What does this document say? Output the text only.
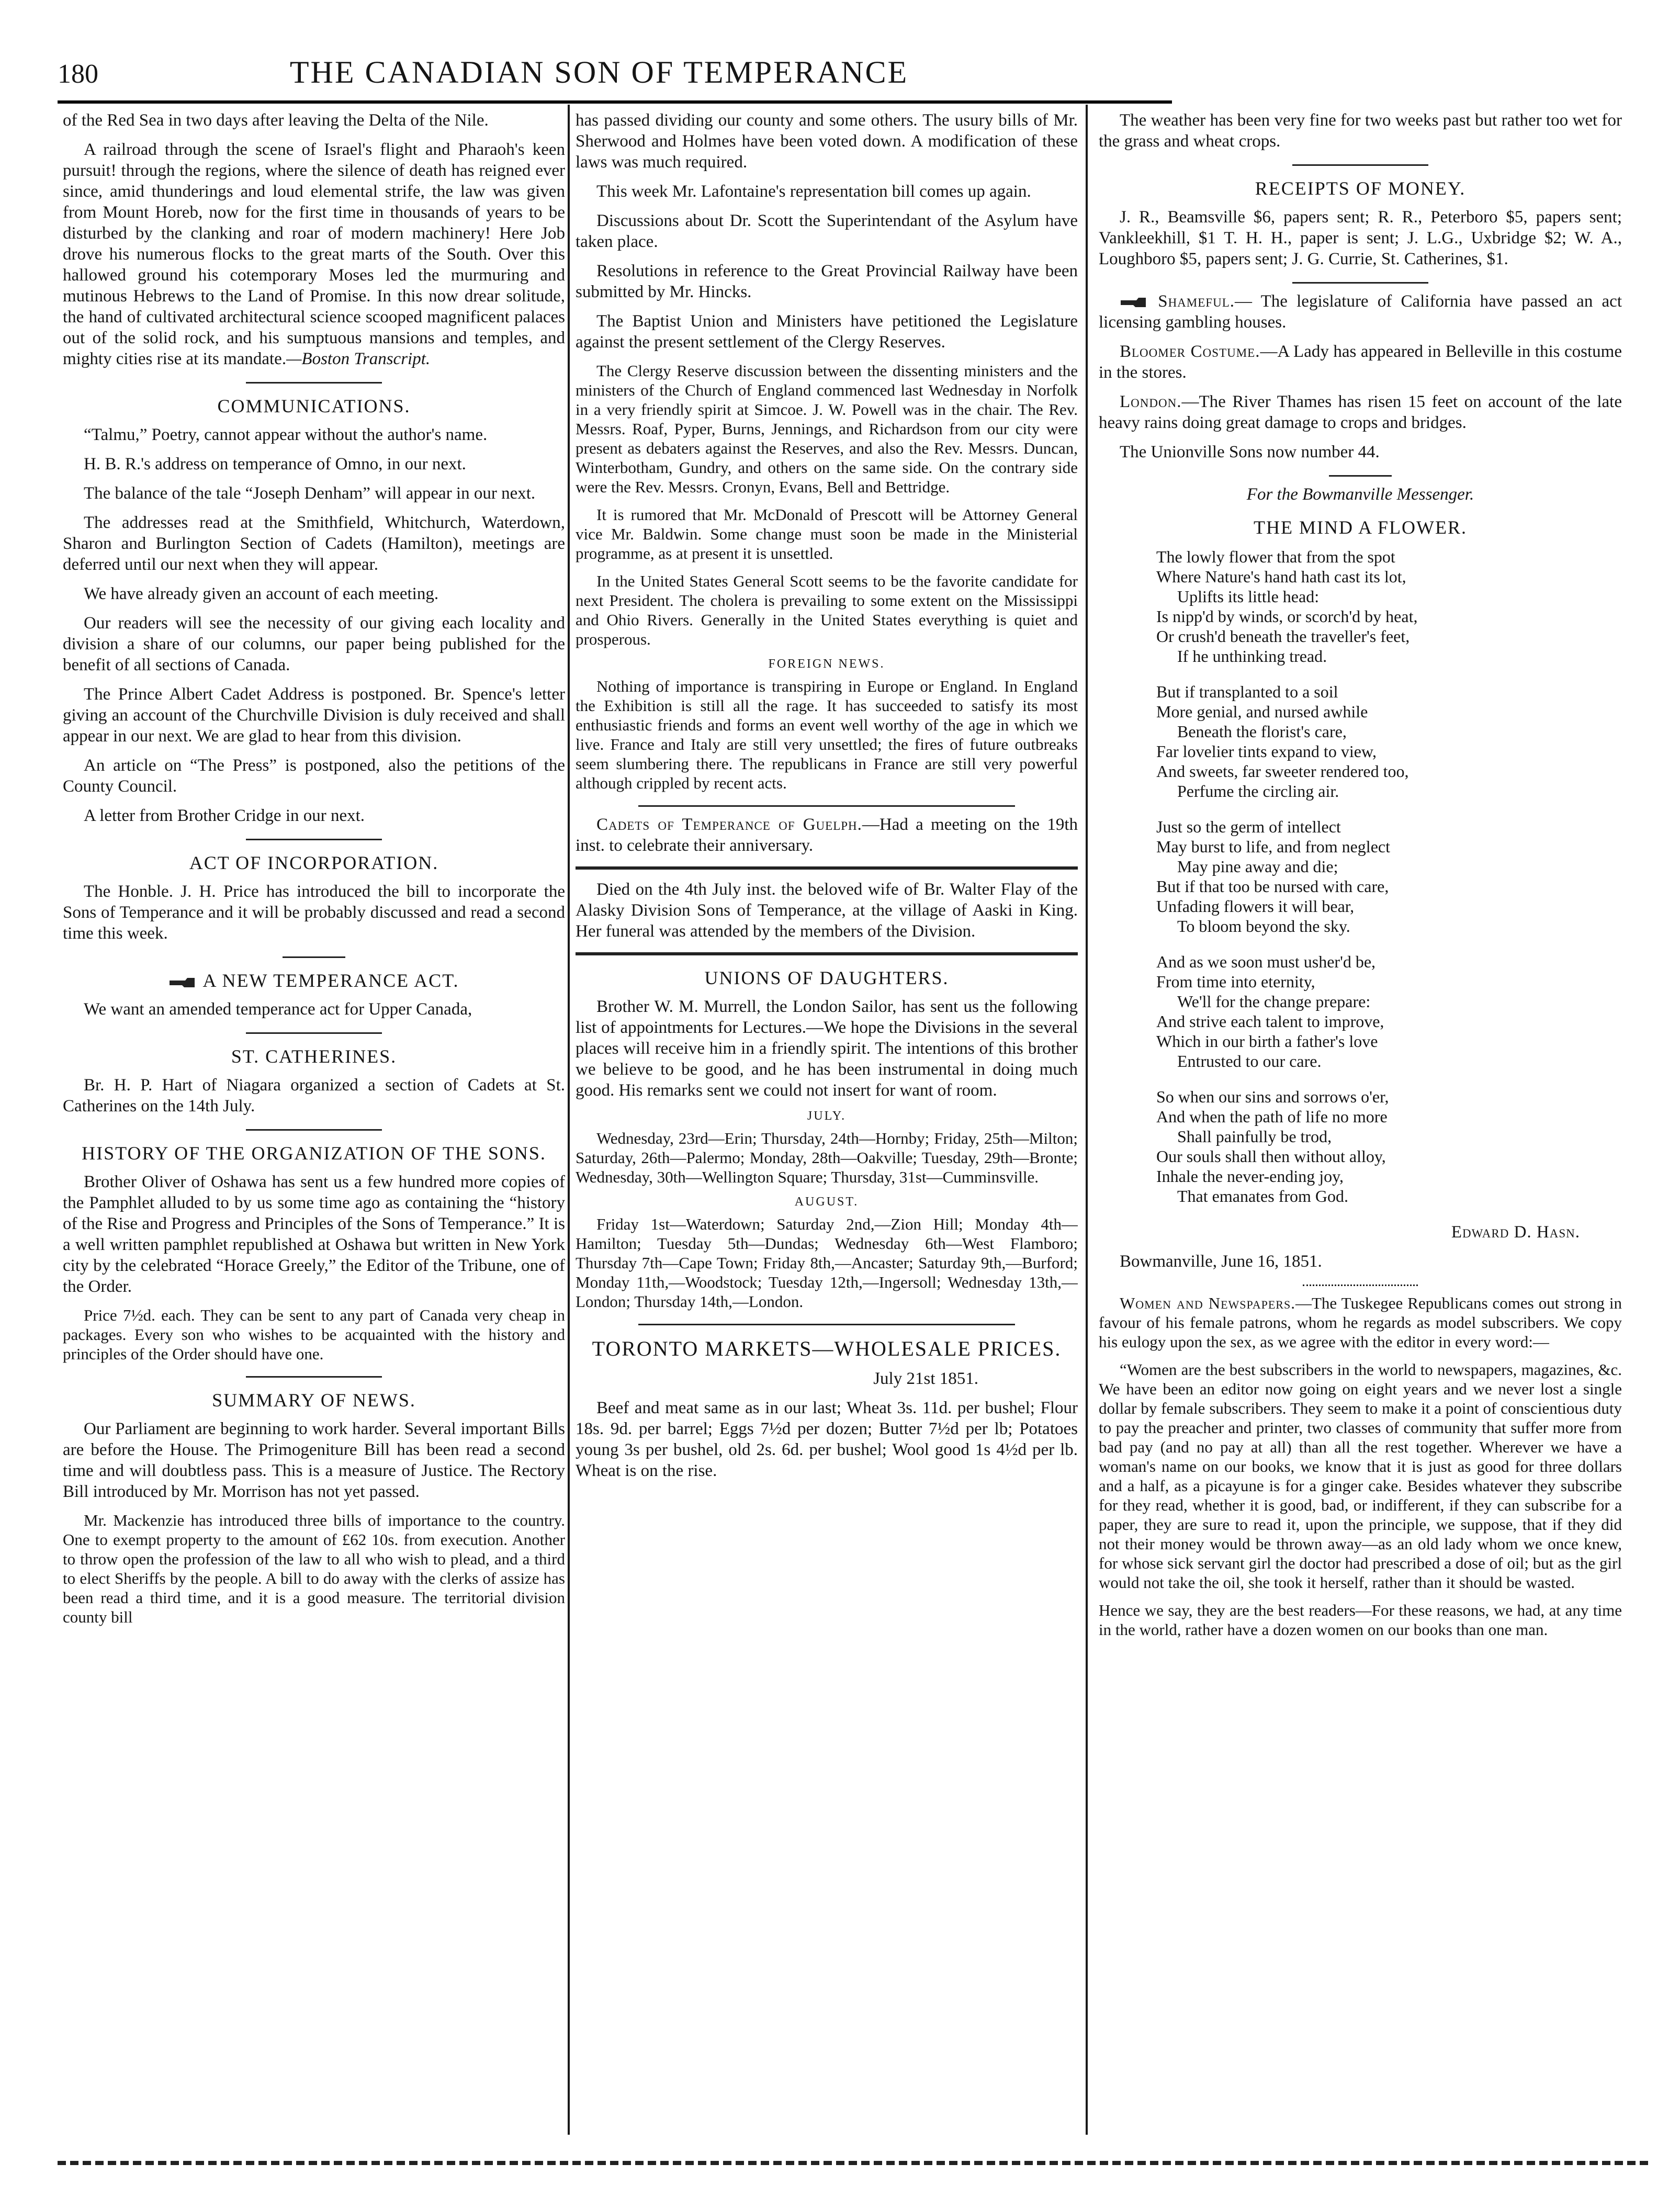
180	THE CANADIAN SON OF TEMPERANCE

of the Red Sea in two days after leaving the Delta of the Nile.

A railroad through the scene of Israel's flight and Pharaoh's keen pursuit! through the regions, where the silence of death has reigned ever since, amid thunderings and loud elemental strife, the law was given from Mount Horeb, now for the first time in thousands of years to be disturbed by the clanking and roar of modern machinery! Here Job drove his numerous flocks to the great marts of the South. Over this hallowed ground his cotemporary Moses led the murmuring and mutinous Hebrews to the Land of Promise. In this now drear solitude, the hand of cultivated architectural science scooped magnificent palaces out of the solid rock, and his sumptuous mansions and temples, and mighty cities rise at its mandate.—Boston Transcript.

COMMUNICATIONS.

“Talmu,” Poetry, cannot appear without the author's name.

H. B. R.'s address on temperance of Omno, in our next.

The balance of the tale “Joseph Denham” will appear in our next.

The addresses read at the Smithfield, Whitchurch, Waterdown, Sharon and Burlington Section of Cadets (Hamilton), meetings are deferred until our next when they will appear.

We have already given an account of each meeting.

Our readers will see the necessity of our giving each locality and division a share of our columns, our paper being published for the benefit of all sections of Canada.

The Prince Albert Cadet Address is postponed. Br. Spence's letter giving an account of the Churchville Division is duly received and shall appear in our next. We are glad to hear from this division.

An article on “The Press” is postponed, also the petitions of the County Council.

A letter from Brother Cridge in our next.

ACT OF INCORPORATION.

The Honble. J. H. Price has introduced the bill to incorporate the Sons of Temperance and it will be probably discussed and read a second time this week.

A NEW TEMPERANCE ACT.

We want an amended temperance act for Upper Canada,

ST. CATHERINES.

Br. H. P. Hart of Niagara organized a section of Cadets at St. Catherines on the 14th July.

HISTORY OF THE ORGANIZATION OF THE SONS.

Brother Oliver of Oshawa has sent us a few hundred more copies of the Pamphlet alluded to by us some time ago as containing the “history of the Rise and Progress and Principles of the Sons of Temperance.” It is a well written pamphlet republished at Oshawa but written in New York city by the celebrated “Horace Greely,” the Editor of the Tribune, one of the Order.

Price 7½d. each. They can be sent to any part of Canada very cheap in packages. Every son who wishes to be acquainted with the history and principles of the Order should have one.

SUMMARY OF NEWS.

Our Parliament are beginning to work harder. Several important Bills are before the House. The Primogeniture Bill has been read a second time and will doubtless pass. This is a measure of Justice. The Rectory Bill introduced by Mr. Morrison has not yet passed.

Mr. Mackenzie has introduced three bills of importance to the country. One to exempt property to the amount of £62 10s. from execution. Another to throw open the profession of the law to all who wish to plead, and a third to elect Sheriffs by the people. A bill to do away with the clerks of assize has been read a third time, and it is a good measure. The territorial division county bill

has passed dividing our county and some others. The usury bills of Mr. Sherwood and Holmes have been voted down. A modification of these laws was much required.

This week Mr. Lafontaine's representation bill comes up again.

Discussions about Dr. Scott the Superintendant of the Asylum have taken place.

Resolutions in reference to the Great Provincial Railway have been submitted by Mr. Hincks.

The Baptist Union and Ministers have petitioned the Legislature against the present settlement of the Clergy Reserves.

The Clergy Reserve discussion between the dissenting ministers and the ministers of the Church of England commenced last Wednesday in Norfolk in a very friendly spirit at Simcoe. J. W. Powell was in the chair. The Rev. Messrs. Roaf, Pyper, Burns, Jennings, and Richardson from our city were present as debaters against the Reserves, and also the Rev. Messrs. Duncan, Winterbotham, Gundry, and others on the same side. On the contrary side were the Rev. Messrs. Cronyn, Evans, Bell and Bettridge.

It is rumored that Mr. McDonald of Prescott will be Attorney General vice Mr. Baldwin. Some change must soon be made in the Ministerial programme, as at present it is unsettled.

In the United States General Scott seems to be the favorite candidate for next President. The cholera is prevailing to some extent on the Mississippi and Ohio Rivers. Generally in the United States everything is quiet and prosperous.

FOREIGN NEWS.

Nothing of importance is transpiring in Europe or England. In England the Exhibition is still all the rage. It has succeeded to satisfy its most enthusiastic friends and forms an event well worthy of the age in which we live. France and Italy are still very unsettled; the fires of future outbreaks seem slumbering there. The republicans in France are still very powerful although crippled by recent acts.

Cadets of Temperance of Guelph.—Had a meeting on the 19th inst. to celebrate their anniversary.

Died on the 4th July inst. the beloved wife of Br. Walter Flay of the Alasky Division Sons of Temperance, at the village of Aaski in King. Her funeral was attended by the members of the Division.

UNIONS OF DAUGHTERS.

Brother W. M. Murrell, the London Sailor, has sent us the following list of appointments for Lectures.—We hope the Divisions in the several places will receive him in a friendly spirit. The intentions of this brother we believe to be good, and he has been instrumental in doing much good. His remarks sent we could not insert for want of room.

JULY.

Wednesday, 23rd—Erin; Thursday, 24th—Hornby; Friday, 25th—Milton; Saturday, 26th—Palermo; Monday, 28th—Oakville; Tuesday, 29th—Bronte; Wednesday, 30th—Wellington Square; Thursday, 31st—Cumminsville.

AUGUST.

Friday 1st—Waterdown; Saturday 2nd,—Zion Hill; Monday 4th—Hamilton; Tuesday 5th—Dundas; Wednesday 6th—West Flamboro; Thursday 7th—Cape Town; Friday 8th,—Ancaster; Saturday 9th,—Burford; Monday 11th,—Woodstock; Tuesday 12th,—Ingersoll; Wednesday 13th,—London; Thursday 14th,—London.

TORONTO MARKETS—WHOLESALE PRICES.

July 21st 1851.

Beef and meat same as in our last; Wheat 3s. 11d. per bushel; Flour 18s. 9d. per barrel; Eggs 7½d per dozen; Butter 7½d per lb; Potatoes young 3s per bushel, old 2s. 6d. per bushel; Wool good 1s 4½d per lb. Wheat is on the rise.

The weather has been very fine for two weeks past but rather too wet for the grass and wheat crops.

RECEIPTS OF MONEY.

J. R., Beamsville $6, papers sent; R. R., Peterboro $5, papers sent; Vankleekhill, $1 T. H. H., paper is sent; J. L.G., Uxbridge $2; W. A., Loughboro $5, papers sent; J. G. Currie, St. Catherines, $1.

Shameful.— The legislature of California have passed an act licensing gambling houses.

Bloomer Costume.—A Lady has appeared in Belleville in this costume in the stores.

London.—The River Thames has risen 15 feet on account of the late heavy rains doing great damage to crops and bridges.

The Unionville Sons now number 44.

For the Bowmanville Messenger.

THE MIND A FLOWER.
The lowly flower that from the spot
Where Nature's hand hath cast its lot,
Uplifts its little head:
Is nipp'd by winds, or scorch'd by heat,
Or crush'd beneath the traveller's feet,
If he unthinking tread.
But if transplanted to a soil
More genial, and nursed awhile
Beneath the florist's care,
Far lovelier tints expand to view,
And sweets, far sweeter rendered too,
Perfume the circling air.
Just so the germ of intellect
May burst to life, and from neglect
May pine away and die;
But if that too be nursed with care,
Unfading flowers it will bear,
To bloom beyond the sky.
And as we soon must usher'd be,
From time into eternity,
We'll for the change prepare:
And strive each talent to improve,
Which in our birth a father's love
Entrusted to our care.
So when our sins and sorrows o'er,
And when the path of life no more
Shall painfully be trod,
Our souls shall then without alloy,
Inhale the never-ending joy,
That emanates from God.

Edward D. Hasn.

Bowmanville, June 16, 1851.

Women and Newspapers.—The Tuskegee Republicans comes out strong in favour of his female patrons, whom he regards as model subscribers. We copy his eulogy upon the sex, as we agree with the editor in every word:—

“Women are the best subscribers in the world to newspapers, magazines, &c. We have been an editor now going on eight years and we never lost a single dollar by female subscribers. They seem to make it a point of conscientious duty to pay the preacher and printer, two classes of community that suffer more from bad pay (and no pay at all) than all the rest together. Wherever we have a woman's name on our books, we know that it is just as good for three dollars and a half, as a picayune is for a ginger cake. Besides whatever they subscribe for they read, whether it is good, bad, or indifferent, if they can subscribe for a paper, they are sure to read it, upon the principle, we suppose, that if they did not their money would be thrown away—as an old lady whom we once knew, for whose sick servant girl the doctor had prescribed a dose of oil; but as the girl would not take the oil, she took it herself, rather than it should be wasted.

Hence we say, they are the best readers—For these reasons, we had, at any time in the world, rather have a dozen women on our books than one man.
